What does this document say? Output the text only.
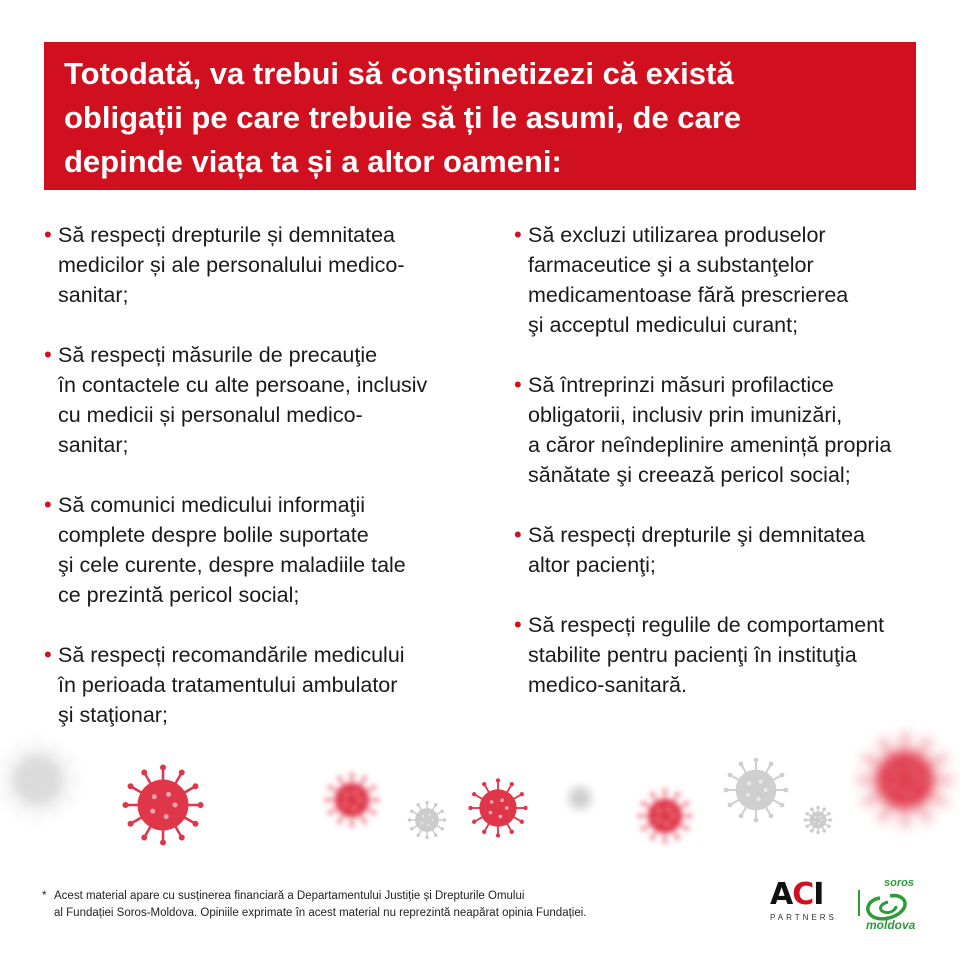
Totodată, va trebui să conștinetizezi că există
obligații pe care trebuie să ți le asumi, de care
depinde viața ta și a altor oameni:
• Să respecți drepturile și demnitatea
medicilor și ale personalului medico-
sanitar;
• Să respecți măsurile de precauţie
în contactele cu alte persoane, inclusiv
cu medicii și personalul medico-
sanitar;
• Să comunici medicului informaţii
complete despre bolile suportate
şi cele curente, despre maladiile tale
ce prezintă pericol social;
• Să respecți recomandările medicului
în perioada tratamentului ambulator
şi staţionar;
• Să excluzi utilizarea produselor
farmaceutice şi a substanţelor
medicamentoase fără prescrierea
şi acceptul medicului curant;
• Să întreprinzi măsuri profilactice
obligatorii, inclusiv prin imunizări,
a căror neîndeplinire amenință propria
sănătate şi creează pericol social;
• Să respecți drepturile şi demnitatea
altor pacienţi;
• Să respecți regulile de comportament
stabilite pentru pacienţi în instituţia
medico-sanitară.
* Acest material apare cu susținerea financiară a Departamentului Justiție și Drepturile Omului
al Fundației Soros-Moldova. Opiniile exprimate în acest material nu reprezintă neapărat opinia Fundației.
ACI
PARTNERS
soros
moldova
